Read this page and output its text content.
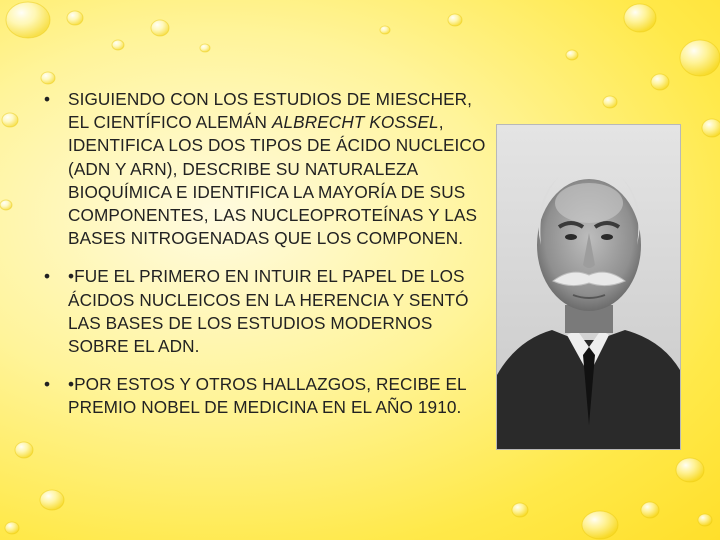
• SIGUIENDO CON LOS ESTUDIOS DE MIESCHER, EL CIENTÍFICO ALEMÁN ALBRECHT KOSSEL, IDENTIFICA LOS DOS TIPOS DE ÁCIDO NUCLEICO (ADN Y ARN), DESCRIBE SU NATURALEZA BIOQUÍMICA E IDENTIFICA LA MAYORÍA DE SUS COMPONENTES, LAS NUCLEOPROTEÍNAS Y LAS BASES NITROGENADAS QUE LOS COMPONEN.

• •FUE EL PRIMERO EN INTUIR EL PAPEL DE LOS ÁCIDOS NUCLEICOS EN LA HERENCIA Y SENTÓ LAS BASES DE LOS ESTUDIOS MODERNOS SOBRE EL ADN.

• •POR ESTOS Y OTROS HALLAZGOS, RECIBE EL PREMIO NOBEL DE MEDICINA EN EL AÑO 1910.
